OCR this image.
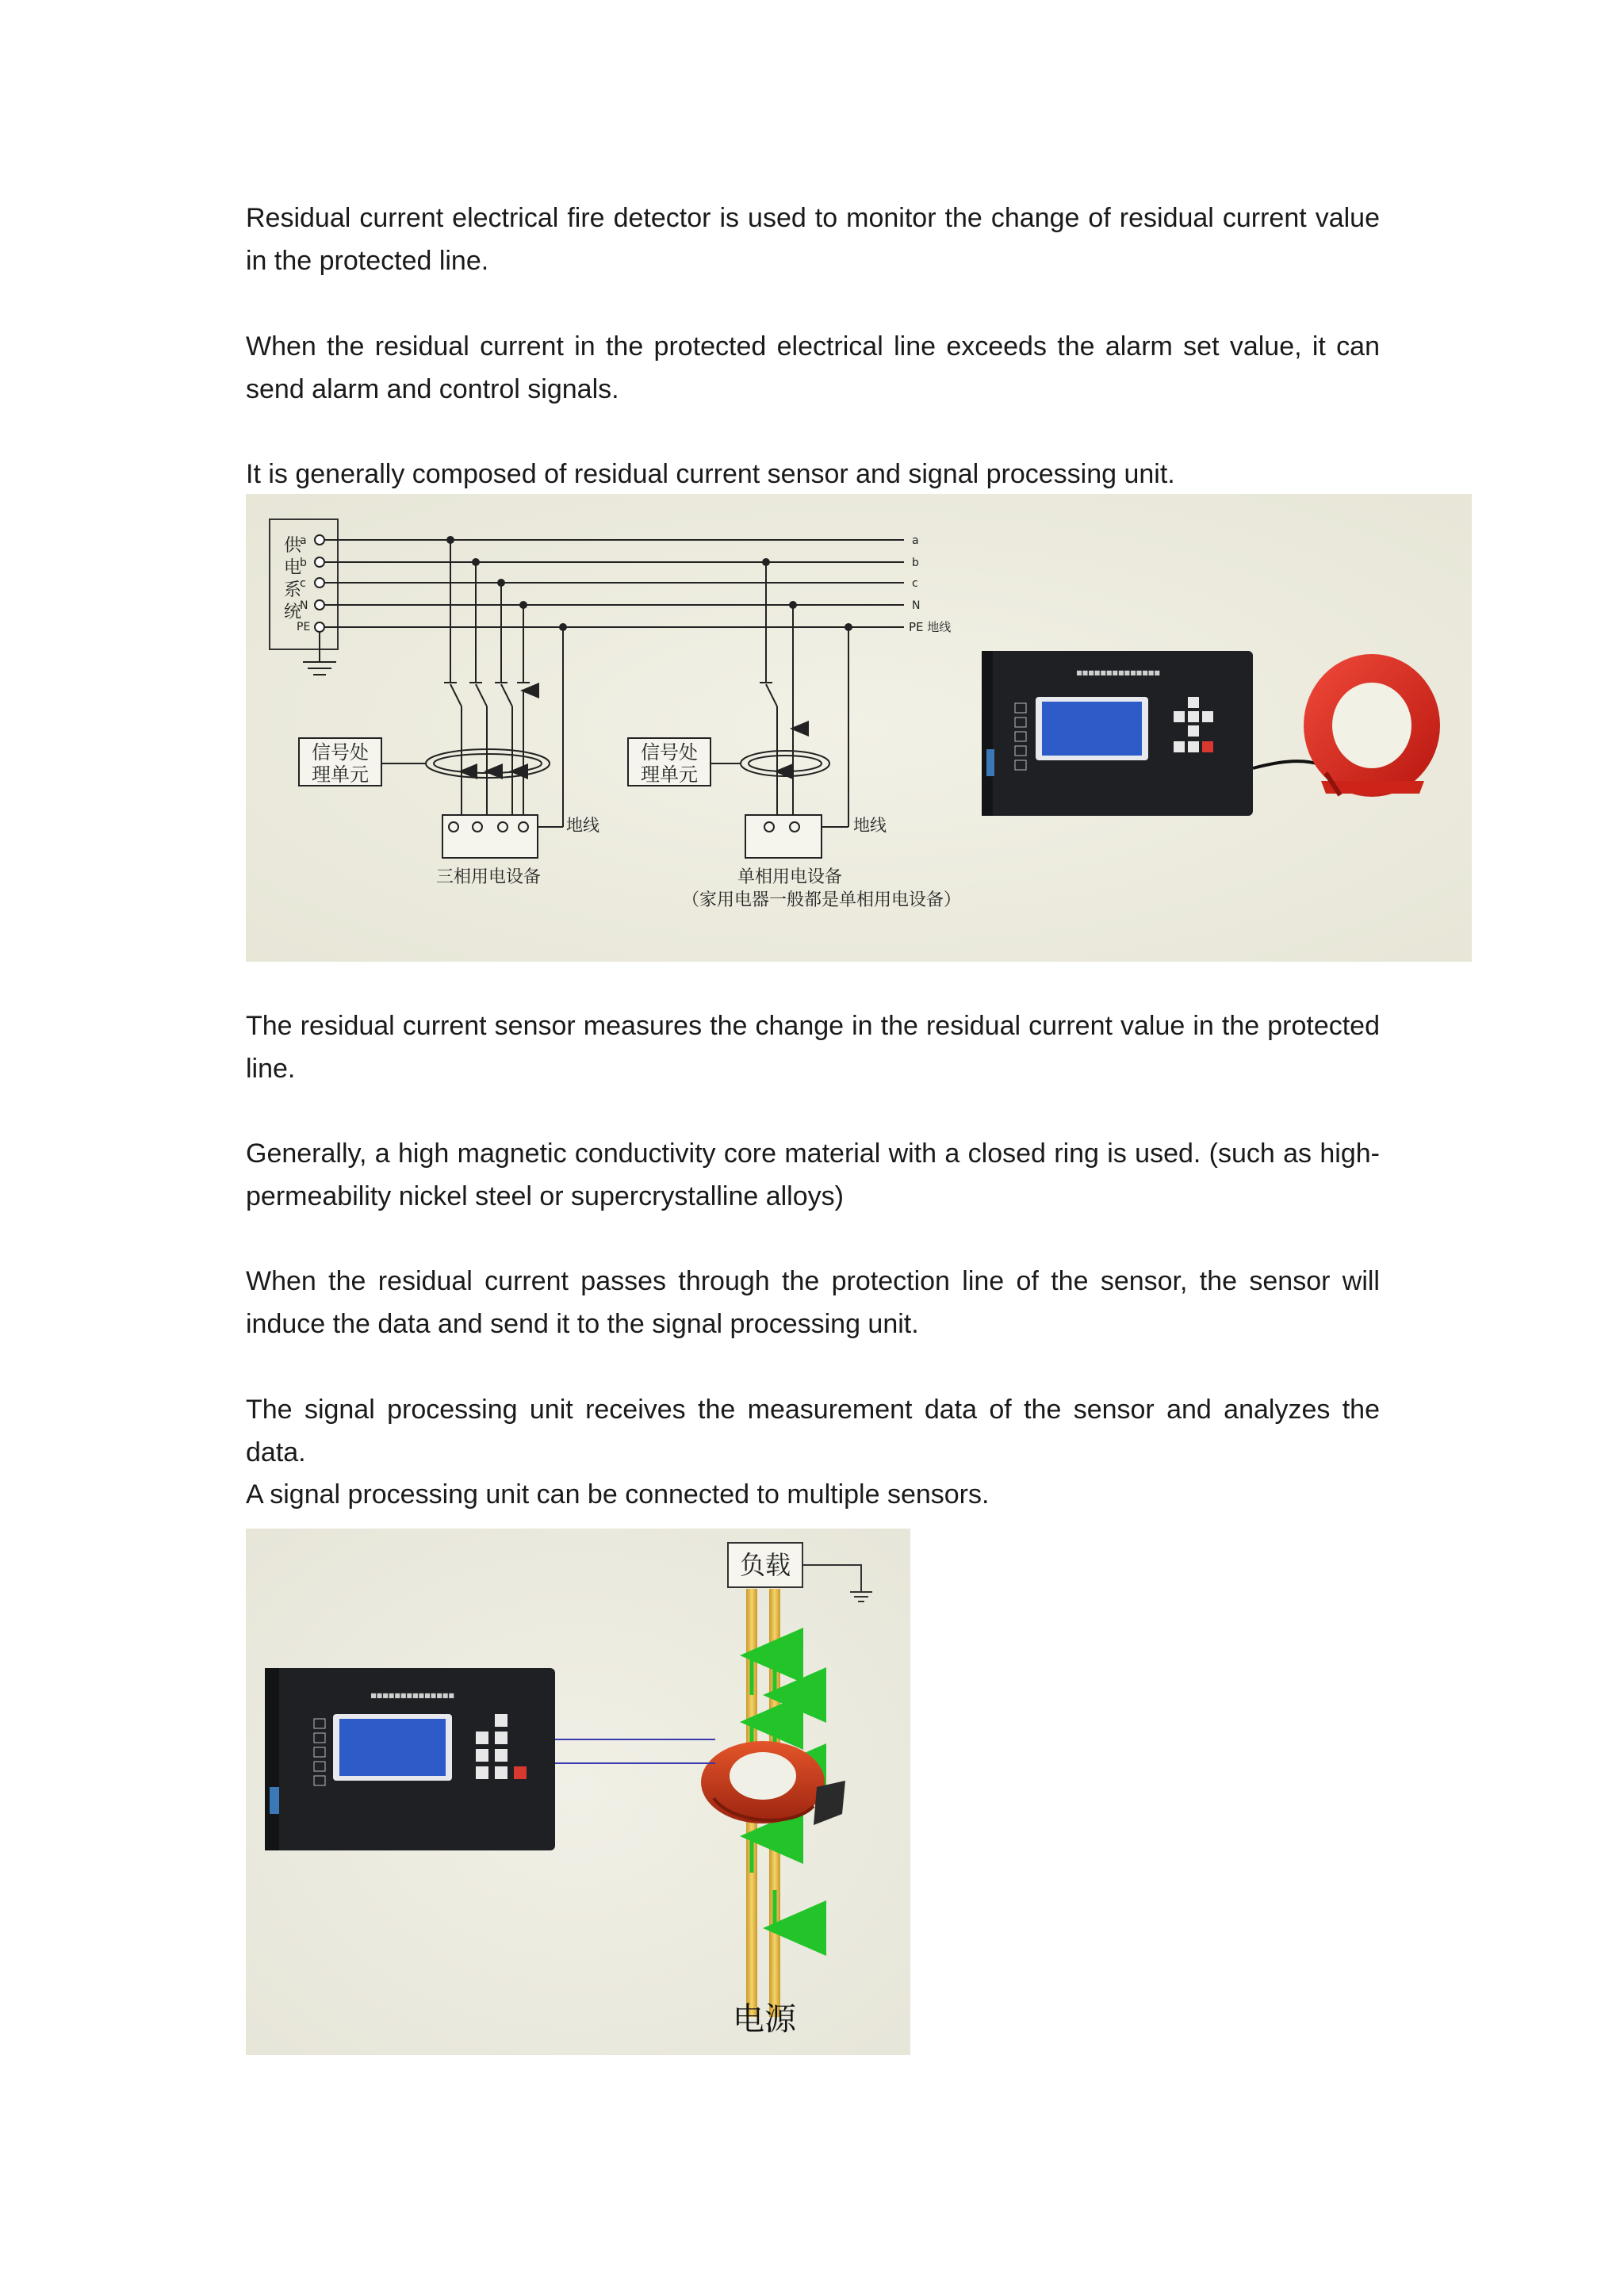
Residual current electrical fire detector is used to monitor the change of residual current value in the protected line.

When the residual current in the protected electrical line exceeds the alarm set value, it can send alarm and control signals.

It is generally composed of residual current sensor and signal processing unit.

供
电
系
统
a
b
c
N
PE
a
b
c
N
PE 地线
信号处
理单元
地线
三相用电设备
信号处
理单元
地线
单相用电设备
（家用电器一般都是单相用电设备）
■■■■■■■■■■■■■■

The residual current sensor measures the change in the residual current value in the protected line.

Generally, a high magnetic conductivity core material with a closed ring is used. (such as high-permeability nickel steel or supercrystalline alloys)

When the residual current passes through the protection line of the sensor, the sensor will induce the data and send it to the signal processing unit.

The signal processing unit receives the measurement data of the sensor and analyzes the data.

A signal processing unit can be connected to multiple sensors.

负载
■■■■■■■■■■■■■■
电源
